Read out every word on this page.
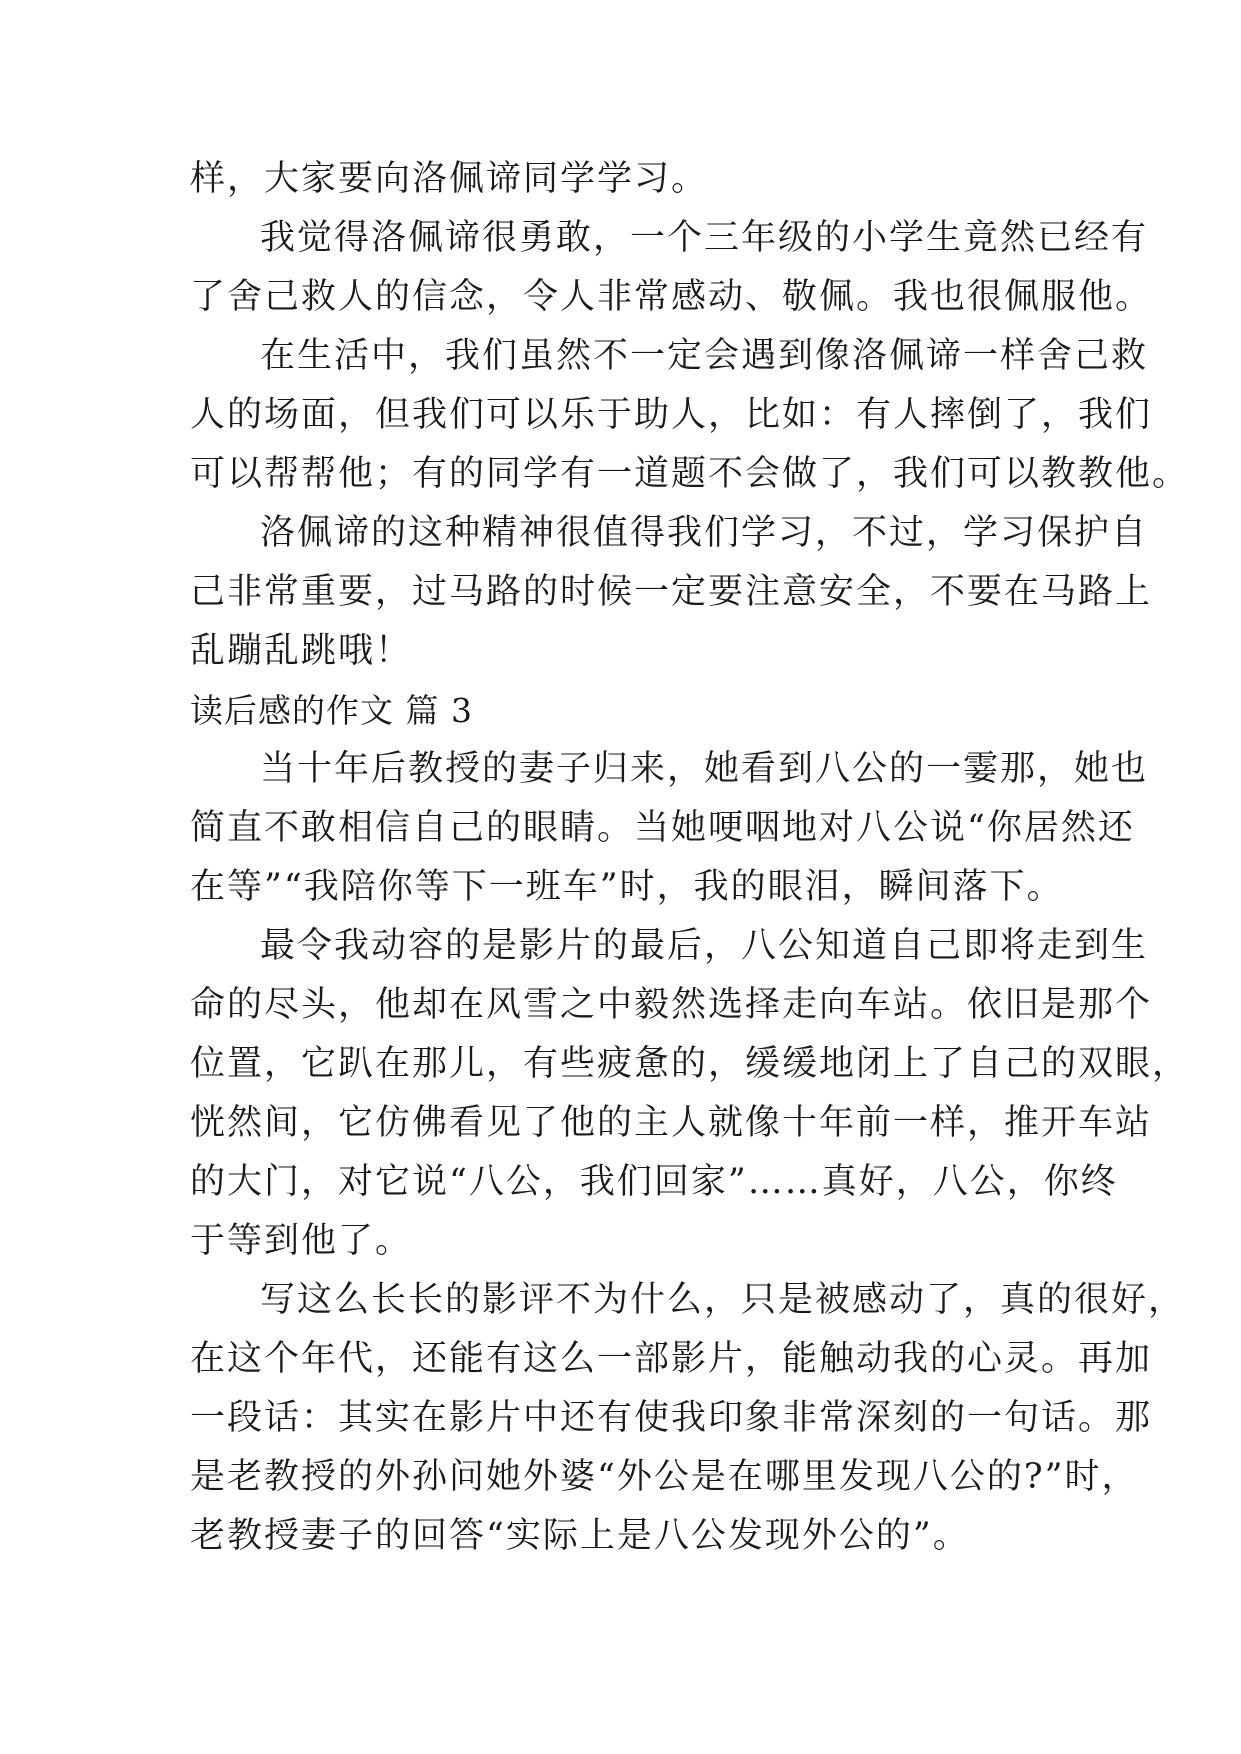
样，大家要向洛佩谛同学学习。
我觉得洛佩谛很勇敢，一个三年级的小学生竟然已经有
了舍己救人的信念，令人非常感动、敬佩。我也很佩服他。
在生活中，我们虽然不一定会遇到像洛佩谛一样舍己救
人的场面，但我们可以乐于助人，比如：有人摔倒了，我们
可以帮帮他；有的同学有一道题不会做了，我们可以教教他。
洛佩谛的这种精神很值得我们学习，不过，学习保护自
己非常重要，过马路的时候一定要注意安全，不要在马路上
乱蹦乱跳哦！
读后感的作文 篇 3
当十年后教授的妻子归来，她看到八公的一霎那，她也
简直不敢相信自己的眼睛。当她哽咽地对八公说“你居然还
在等”“我陪你等下一班车”时，我的眼泪，瞬间落下。
最令我动容的是影片的最后，八公知道自己即将走到生
命的尽头，他却在风雪之中毅然选择走向车站。依旧是那个
位置，它趴在那儿，有些疲惫的，缓缓地闭上了自己的双眼，
恍然间，它仿佛看见了他的主人就像十年前一样，推开车站
的大门，对它说“八公，我们回家”……真好，八公，你终
于等到他了。
写这么长长的影评不为什么，只是被感动了，真的很好，
在这个年代，还能有这么一部影片，能触动我的心灵。再加
一段话：其实在影片中还有使我印象非常深刻的一句话。那
是老教授的外孙问她外婆“外公是在哪里发现八公的?”时，
老教授妻子的回答“实际上是八公发现外公的”。
